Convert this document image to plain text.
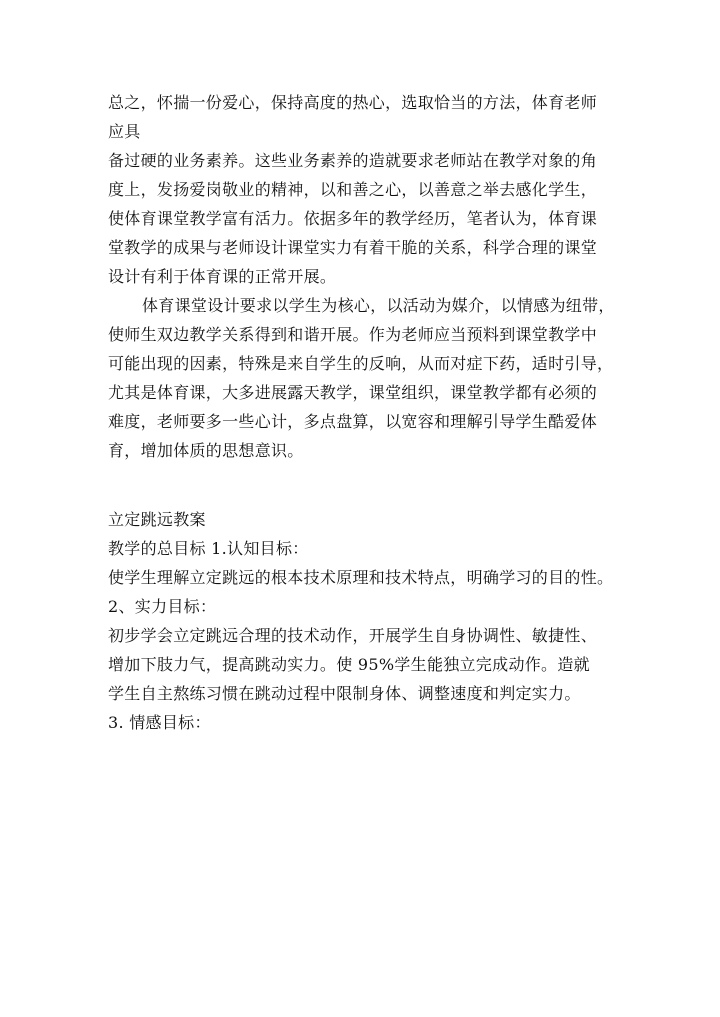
总之，怀揣一份爱心，保持高度的热心，选取恰当的方法，体育老师
应具
备过硬的业务素养。这些业务素养的造就要求老师站在教学对象的角
度上，发扬爱岗敬业的精神，以和善之心，以善意之举去感化学生，
使体育课堂教学富有活力。依据多年的教学经历，笔者认为，体育课
堂教学的成果与老师设计课堂实力有着干脆的关系，科学合理的课堂
设计有利于体育课的正常开展。
体育课堂设计要求以学生为核心，以活动为媒介，以情感为纽带，
使师生双边教学关系得到和谐开展。作为老师应当预料到课堂教学中
可能出现的因素，特殊是来自学生的反响，从而对症下药，适时引导，
尤其是体育课，大多进展露天教学，课堂组织，课堂教学都有必须的
难度，老师要多一些心计，多点盘算，以宽容和理解引导学生酷爱体
育，增加体质的思想意识。
立定跳远教案
教学的总目标 1.认知目标：
使学生理解立定跳远的根本技术原理和技术特点，明确学习的目的性。
2、实力目标：
初步学会立定跳远合理的技术动作，开展学生自身协调性、敏捷性、
增加下肢力气，提高跳动实力。使 95%学生能独立完成动作。造就
学生自主熬练习惯在跳动过程中限制身体、调整速度和判定实力。
3. 情感目标：
